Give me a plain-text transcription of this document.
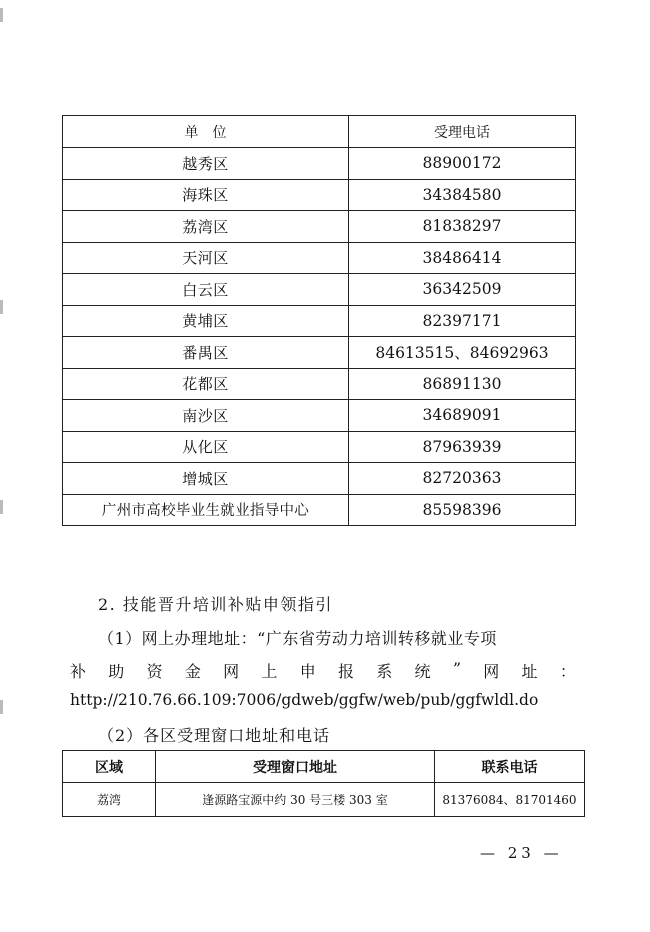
单　位	受理电话
越秀区	88900172
海珠区	34384580
荔湾区	81838297
天河区	38486414
白云区	36342509
黄埔区	82397171
番禺区	84613515、84692963
花都区	86891130
南沙区	34689091
从化区	87963939
增城区	82720363
广州市高校毕业生就业指导中心	85598396
2. 技能晋升培训补贴申领指引
（1）网上办理地址：“广东省劳动力培训转移就业专项
补 助 资 金 网 上 申 报 系 统 ” 网 址 ：
http://210.76.66.109:7006/gdweb/ggfw/web/pub/ggfwldl.do
（2）各区受理窗口地址和电话
区域	受理窗口地址	联系电话
荔湾	逢源路宝源中约 30 号三楼 303 室	81376084、81701460
— 23 —
